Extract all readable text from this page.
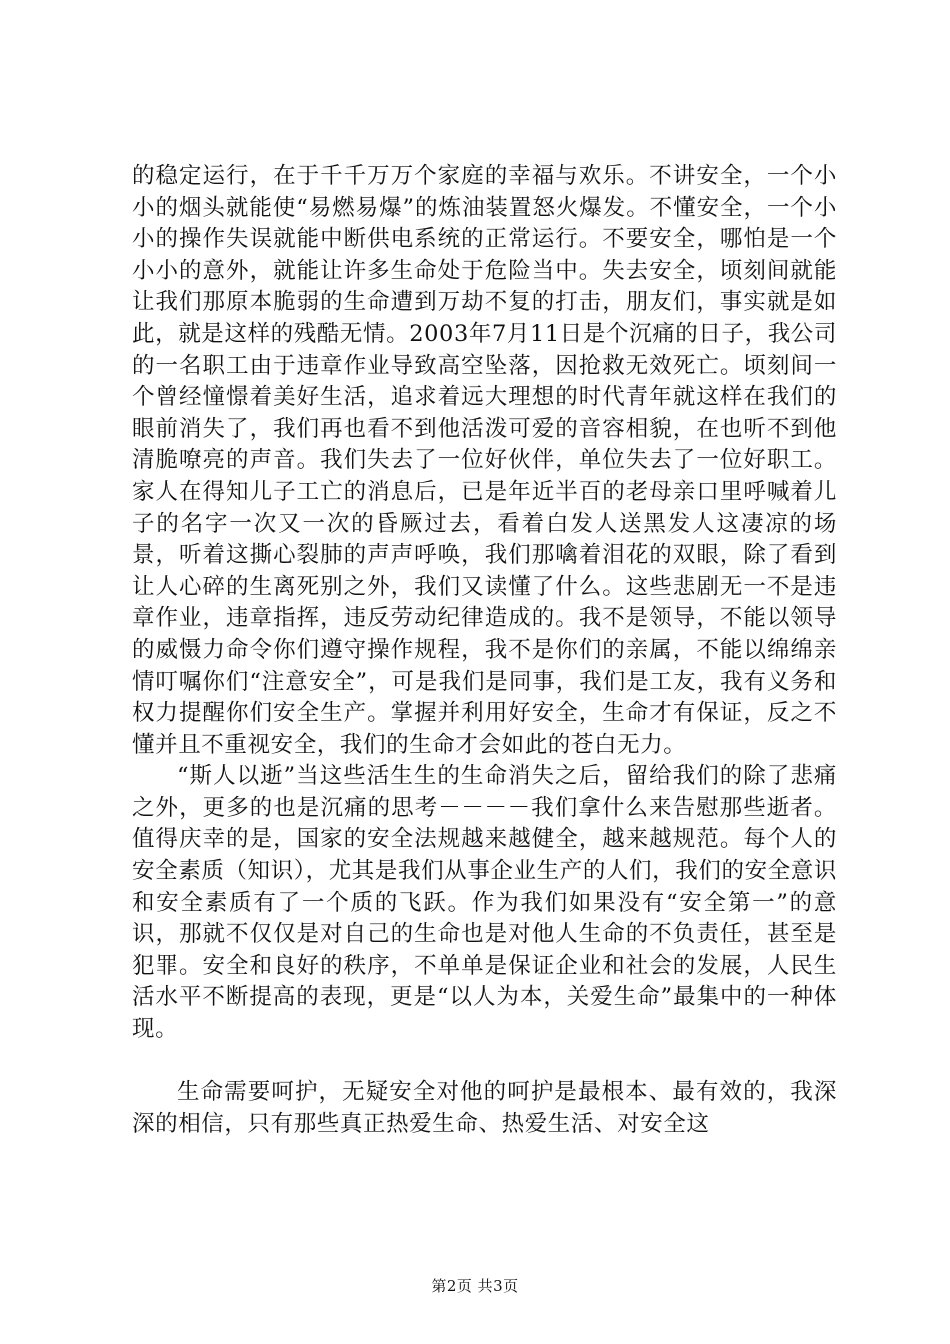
的稳定运行，在于千千万万个家庭的幸福与欢乐。不讲安全，一个小小的烟头就能使“易燃易爆”的炼油装置怒火爆发。不懂安全，一个小小的操作失误就能中断供电系统的正常运行。不要安全，哪怕是一个小小的意外，就能让许多生命处于危险当中。失去安全，顷刻间就能让我们那原本脆弱的生命遭到万劫不复的打击，朋友们，事实就是如此，就是这样的残酷无情。2003年7月11日是个沉痛的日子，我公司的一名职工由于违章作业导致高空坠落，因抢救无效死亡。顷刻间一个曾经憧憬着美好生活，追求着远大理想的时代青年就这样在我们的眼前消失了，我们再也看不到他活泼可爱的音容相貌，在也听不到他清脆嘹亮的声音。我们失去了一位好伙伴，单位失去了一位好职工。家人在得知儿子工亡的消息后，已是年近半百的老母亲口里呼喊着儿子的名字一次又一次的昏厥过去，看着白发人送黑发人这凄凉的场景，听着这撕心裂肺的声声呼唤，我们那噙着泪花的双眼，除了看到让人心碎的生离死别之外，我们又读懂了什么。这些悲剧无一不是违章作业，违章指挥，违反劳动纪律造成的。我不是领导，不能以领导的威慑力命令你们遵守操作规程，我不是你们的亲属，不能以绵绵亲情叮嘱你们“注意安全”，可是我们是同事，我们是工友，我有义务和权力提醒你们安全生产。掌握并利用好安全，生命才有保证，反之不懂并且不重视安全，我们的生命才会如此的苍白无力。

“斯人以逝”当这些活生生的生命消失之后，留给我们的除了悲痛之外，更多的也是沉痛的思考－－－－我们拿什么来告慰那些逝者。值得庆幸的是，国家的安全法规越来越健全，越来越规范。每个人的安全素质（知识），尤其是我们从事企业生产的人们，我们的安全意识和安全素质有了一个质的飞跃。作为我们如果没有“安全第一”的意识，那就不仅仅是对自己的生命也是对他人生命的不负责任，甚至是犯罪。安全和良好的秩序，不单单是保证企业和社会的发展，人民生活水平不断提高的表现，更是“以人为本，关爱生命”最集中的一种体现。

生命需要呵护，无疑安全对他的呵护是最根本、最有效的，我深深的相信，只有那些真正热爱生命、热爱生活、对安全这

第2页 共3页
